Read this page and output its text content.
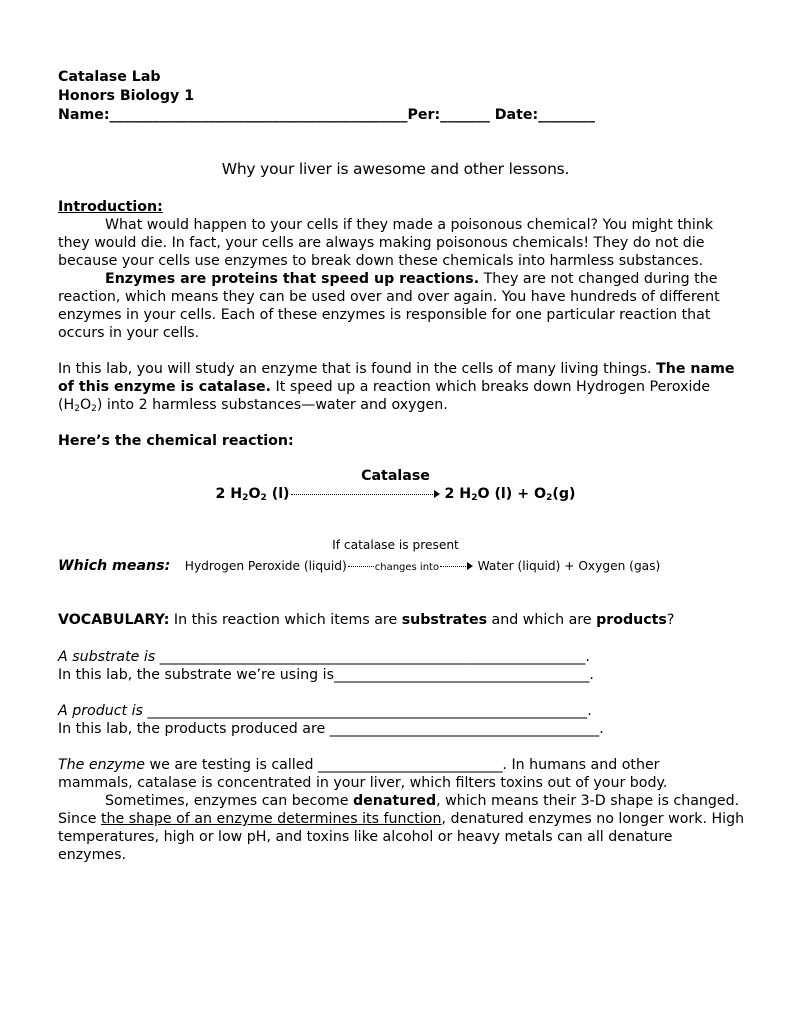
Catalase Lab
Honors Biology 1
Name:__________________________________________Per:_______ Date:________
Why your liver is awesome and other lessons.
Introduction:
What would happen to your cells if they made a poisonous chemical? You might think
they would die. In fact, your cells are always making poisonous chemicals! They do not die
because your cells use enzymes to break down these chemicals into harmless substances.
Enzymes are proteins that speed up reactions. They are not changed during the
reaction, which means they can be used over and over again. You have hundreds of different
enzymes in your cells. Each of these enzymes is responsible for one particular reaction that
occurs in your cells.
In this lab, you will study an enzyme that is found in the cells of many living things. The name
of this enzyme is catalase. It speed up a reaction which breaks down Hydrogen Peroxide
$(H_2O_2)$ into 2 harmless substances—water and oxygen.
Here’s the chemical reaction:
Catalase
2 $H_2O_2$ (l)	2 $H_2O$ $(l) + O_2(g)$
If catalase is present
Which means: Hydrogen Peroxide (liquid)	changes into	Water (liquid) + Oxygen (gas)
VOCABULARY: In this reaction which items are substrates and which are products?
A substrate is ____________________________________________________________.
In this lab, the substrate we’re using is____________________________________.
A product is ______________________________________________________________.
In this lab, the products produced are ______________________________________.
The enzyme we are testing is called __________________________. In humans and other
mammals, catalase is concentrated in your liver, which filters toxins out of your body.
Sometimes, enzymes can become denatured, which means their 3-D shape is changed.
Since the shape of an enzyme determines its function, denatured enzymes no longer work. High
temperatures, high or low pH, and toxins like alcohol or heavy metals can all denature
enzymes.
